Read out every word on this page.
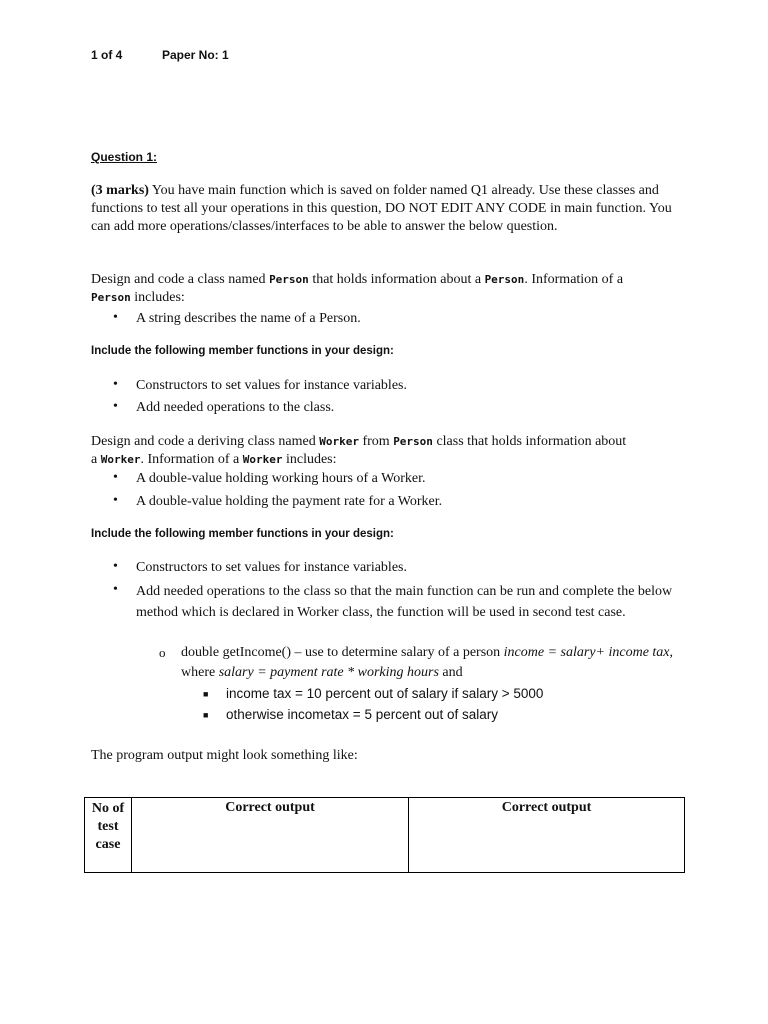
1 of 4	Paper No: 1
Question 1:
(3 marks) You have main function which is saved on folder named Q1 already. Use these classes and functions to test all your operations in this question, DO NOT EDIT ANY CODE in main function. You can add more operations/classes/interfaces to be able to answer the below question.
Design and code a class named Person that holds information about a Person. Information of a
Person includes:
• A string describes the name of a Person.
Include the following member functions in your design:
• Constructors to set values for instance variables.
• Add needed operations to the class.
Design and code a deriving class named Worker from Person class that holds information about
a Worker. Information of a Worker includes:
• A double-value holding working hours of a Worker.
• A double-value holding the payment rate for a Worker.
Include the following member functions in your design:
• Constructors to set values for instance variables.
• Add needed operations to the class so that the main function can be run and complete the below method which is declared in Worker class, the function will be used in second test case.
o double getIncome() – use to determine salary of a person income = salary+ income tax, where salary = payment rate * working hours and
■ income tax = 10 percent out of salary if salary > 5000
■ otherwise incometax = 5 percent out of salary
The program output might look something like:
No of test case	Correct output	Correct output
